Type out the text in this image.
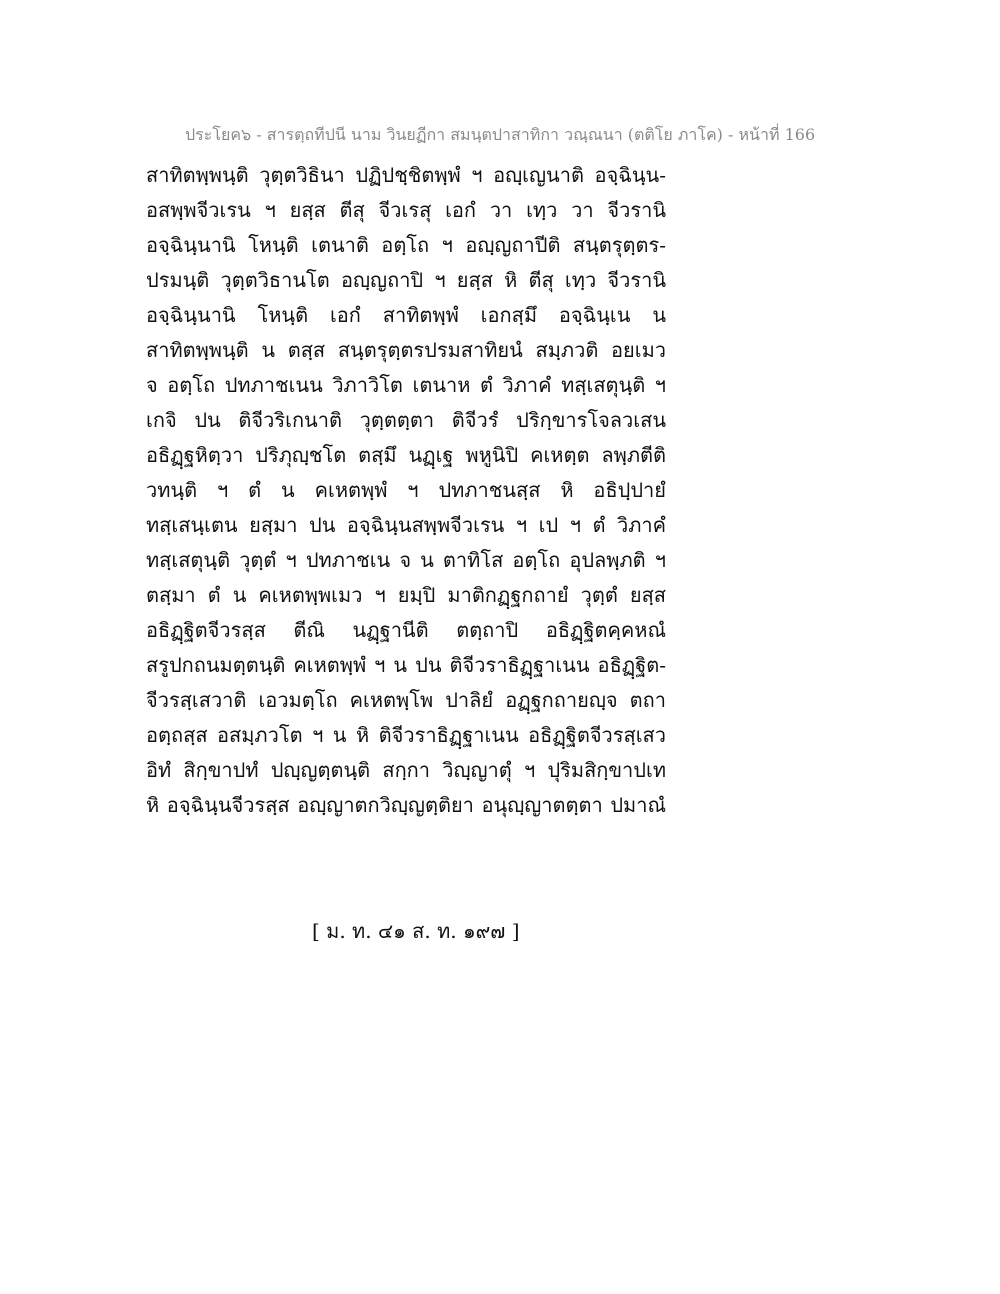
ประโยค๖ - สารตฺถทีปนี นาม วินยฏีกา สมนฺตปาสาทิกา วณฺณนา (ตติโย ภาโค) - หน้าที่ 166
สาทิตพฺพนฺติ วุตฺตวิธินา ปฏิปชฺชิตพฺพํ ฯ อญฺเญนาติ อจฺฉินฺน-
อสพฺพจีวเรน ฯ ยสฺส ตีสุ จีวเรสุ เอกํ วา เทฺว วา จีวรานิ
อจฺฉินฺนานิ โหนฺติ เตนาติ อตฺโถ ฯ อญฺญถาปีติ สนฺตรุตฺตร-
ปรมนฺติ วุตฺตวิธานโต อญฺญถาปิ ฯ ยสฺส หิ ตีสุ เทฺว จีวรานิ
อจฺฉินฺนานิ โหนฺติ เอกํ สาทิตพฺพํ เอกสฺมึ อจฺฉินฺเน น
สาทิตพฺพนฺติ น ตสฺส สนฺตรุตฺตรปรมสาทิยนํ สมฺภวติ อยเมว
จ อตฺโถ ปทภาชเนน วิภาวิโต เตนาห ตํ วิภาคํ ทสฺเสตุนฺติ ฯ
เกจิ ปน ติจีวริเกนาติ วุตฺตตฺตา ติจีวรํ ปริกฺขารโจลวเสน
อธิฏฺฐหิตฺวา ปริภุญฺชโต ตสฺมึ นฏฺเฐ พหูนิปิ คเหตฺต ลพฺภตีติ
วทนฺติ ฯ ตํ น คเหตพฺพํ ฯ ปทภาชนสฺส หิ อธิปฺปายํ
ทสฺเสนฺเตน ยสฺมา ปน อจฺฉินฺนสพฺพจีวเรน ฯ เป ฯ ตํ วิภาคํ
ทสฺเสตุนฺติ วุตฺตํ ฯ ปทภาชเน จ น ตาทิโส อตฺโถ อุปลพฺภติ ฯ
ตสฺมา ตํ น คเหตพฺพเมว ฯ ยมฺปิ มาติกฏฺฐกถายํ วุตฺตํ ยสฺส
อธิฏฺฐิตจีวรสฺส ตีณิ นฏฺฐานีติ ตตฺถาปิ อธิฏฺฐิตคฺคหณํ
สรูปกถนมตฺตนฺติ คเหตพฺพํ ฯ น ปน ติจีวราธิฏฺฐาเนน อธิฏฺฐิต-
จีวรสฺเสวาติ เอวมตฺโถ คเหตพฺโพ ปาลิยํ อฏฺฐกถายญฺจ ตถา
อตฺถสฺส อสมฺภวโต ฯ น หิ ติจีวราธิฏฺฐาเนน อธิฏฺฐิตจีวรสฺเสว
อิทํ สิกฺขาปทํ ปญฺญตฺตนฺติ สกฺกา วิญฺญาตุํ ฯ ปุริมสิกฺขาปเท
หิ อจฺฉินฺนจีวรสฺส อญฺญาตกวิญฺญตฺติยา อนุญฺญาตตฺตา ปมาณํ
[ ม. ท. ๔๑ ส. ท. ๑๙๗ ]
